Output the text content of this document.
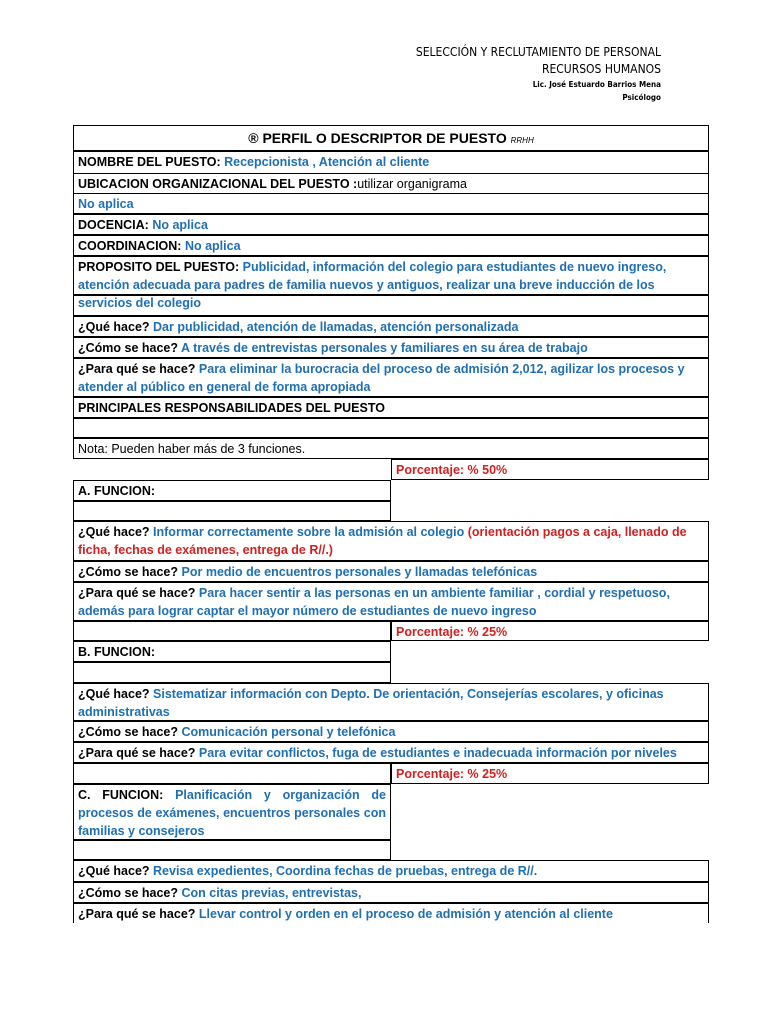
SELECCIÓN Y RECLUTAMIENTO DE PERSONAL
RECURSOS HUMANOS
Lic. José Estuardo Barrios Mena
Psicólogo
® PERFIL O DESCRIPTOR DE PUESTO RRHH
NOMBRE DEL PUESTO: Recepcionista , Atención al cliente
UBICACION ORGANIZACIONAL DEL PUESTO :utilizar organigrama
No aplica
DOCENCIA: No aplica
COORDINACION: No aplica
PROPOSITO DEL PUESTO: Publicidad, información del colegio para estudiantes de nuevo ingreso, atención adecuada para padres de familia nuevos y antiguos, realizar una breve inducción de los servicios del colegio
¿Qué hace? Dar publicidad, atención de llamadas, atención personalizada
¿Cómo se hace? A través de entrevistas personales y familiares en su área de trabajo
¿Para qué se hace? Para eliminar la burocracia del proceso de admisión 2,012, agilizar los procesos y atender al público en general de forma apropiada
PRINCIPALES RESPONSABILIDADES DEL PUESTO
Nota: Pueden haber más de 3 funciones.
Porcentaje: % 50%
A. FUNCION:
¿Qué hace? Informar correctamente sobre la admisión al colegio (orientación pagos a caja, llenado de ficha, fechas de exámenes, entrega de R//.)
¿Cómo se hace? Por medio de encuentros personales y llamadas telefónicas
¿Para qué se hace? Para hacer sentir a las personas en un ambiente familiar , cordial y respetuoso, además para lograr captar el mayor número de estudiantes de nuevo ingreso
Porcentaje: % 25%
B. FUNCION:
¿Qué hace? Sistematizar información con Depto. De orientación, Consejerías escolares, y oficinas administrativas
¿Cómo se hace? Comunicación personal y telefónica
¿Para qué se hace? Para evitar conflictos, fuga de estudiantes e inadecuada información por niveles
Porcentaje: % 25%
C. FUNCION: Planificación y organización de procesos de exámenes, encuentros personales con familias y consejeros
¿Qué hace? Revisa expedientes, Coordina fechas de pruebas, entrega de R//.
¿Cómo se hace? Con citas previas, entrevistas,
¿Para qué se hace? Llevar control y orden en el proceso de admisión y atención al cliente
